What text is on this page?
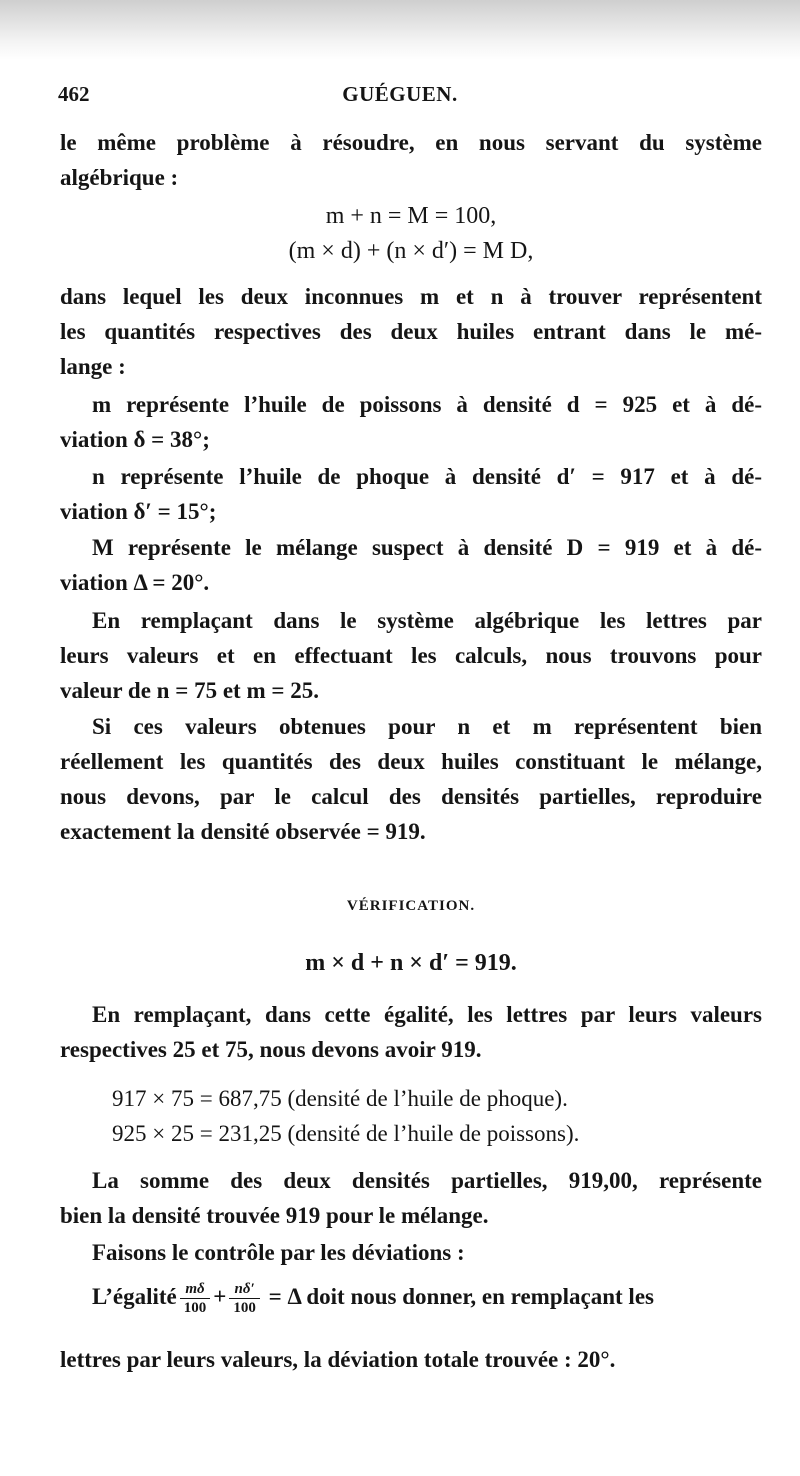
462	GUÉGUEN.
le même problème à résoudre, en nous servant du système
algébrique :
m + n = M = 100,
(m × d) + (n × d′) = M D,
dans lequel les deux inconnues m et n à trouver représentent
les quantités respectives des deux huiles entrant dans le mé-
lange :
m représente l’huile de poissons à densité d = 925 et à dé-
viation δ = 38°;
n représente l’huile de phoque à densité d′ = 917 et à dé-
viation δ′ = 15°;
M représente le mélange suspect à densité D = 919 et à dé-
viation Δ = 20°.
En remplaçant dans le système algébrique les lettres par
leurs valeurs et en effectuant les calculs, nous trouvons pour
valeur de n = 75 et m = 25.
Si ces valeurs obtenues pour n et m représentent bien
réellement les quantités des deux huiles constituant le mélange,
nous devons, par le calcul des densités partielles, reproduire
exactement la densité observée = 919.
VÉRIFICATION.
m × d + n × d′ = 919.
En remplaçant, dans cette égalité, les lettres par leurs valeurs
respectives 25 et 75, nous devons avoir 919.
917 × 75 = 687,75 (densité de l’huile de phoque).
925 × 25 = 231,25 (densité de l’huile de poissons).
La somme des deux densités partielles, 919,00, représente
bien la densité trouvée 919 pour le mélange.
Faisons le contrôle par les déviations :
L’égalité $\frac{m\delta}{100} + \frac{n\delta'}{100} = \Delta$ doit nous donner, en remplaçant les
lettres par leurs valeurs, la déviation totale trouvée : 20°.
